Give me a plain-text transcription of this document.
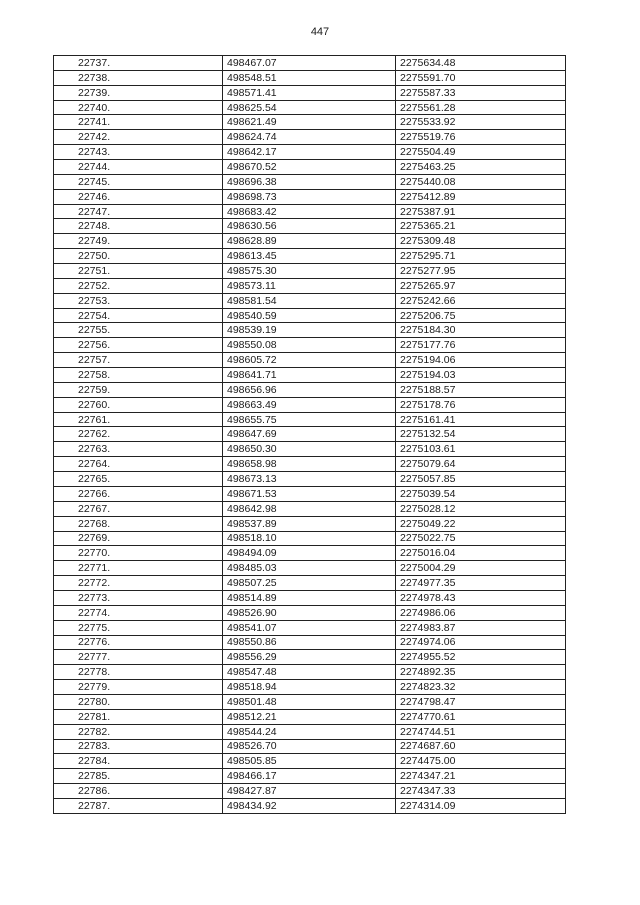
447
22737.	498467.07	2275634.48
22738.	498548.51	2275591.70
22739.	498571.41	2275587.33
22740.	498625.54	2275561.28
22741.	498621.49	2275533.92
22742.	498624.74	2275519.76
22743.	498642.17	2275504.49
22744.	498670.52	2275463.25
22745.	498696.38	2275440.08
22746.	498698.73	2275412.89
22747.	498683.42	2275387.91
22748.	498630.56	2275365.21
22749.	498628.89	2275309.48
22750.	498613.45	2275295.71
22751.	498575.30	2275277.95
22752.	498573.11	2275265.97
22753.	498581.54	2275242.66
22754.	498540.59	2275206.75
22755.	498539.19	2275184.30
22756.	498550.08	2275177.76
22757.	498605.72	2275194.06
22758.	498641.71	2275194.03
22759.	498656.96	2275188.57
22760.	498663.49	2275178.76
22761.	498655.75	2275161.41
22762.	498647.69	2275132.54
22763.	498650.30	2275103.61
22764.	498658.98	2275079.64
22765.	498673.13	2275057.85
22766.	498671.53	2275039.54
22767.	498642.98	2275028.12
22768.	498537.89	2275049.22
22769.	498518.10	2275022.75
22770.	498494.09	2275016.04
22771.	498485.03	2275004.29
22772.	498507.25	2274977.35
22773.	498514.89	2274978.43
22774.	498526.90	2274986.06
22775.	498541.07	2274983.87
22776.	498550.86	2274974.06
22777.	498556.29	2274955.52
22778.	498547.48	2274892.35
22779.	498518.94	2274823.32
22780.	498501.48	2274798.47
22781.	498512.21	2274770.61
22782.	498544.24	2274744.51
22783.	498526.70	2274687.60
22784.	498505.85	2274475.00
22785.	498466.17	2274347.21
22786.	498427.87	2274347.33
22787.	498434.92	2274314.09
